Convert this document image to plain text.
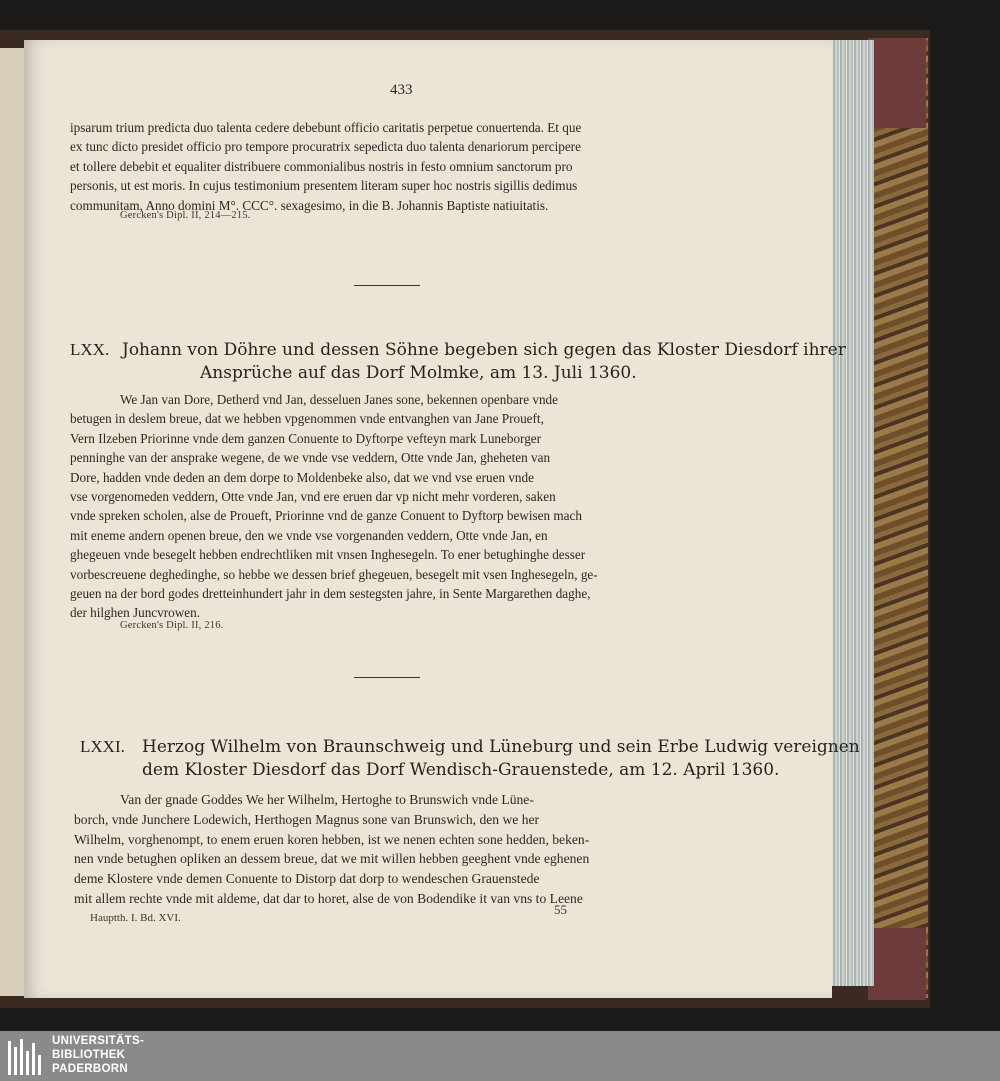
433
ipsarum trium predicta duo talenta cedere debebunt officio caritatis perpetue conuertenda. Et que
ex tunc dicto presidet officio pro tempore procuratrix sepedicta duo talenta denariorum percipere
et tollere debebit et equaliter distribuere commonialibus nostris in festo omnium sanctorum pro
personis, ut est moris. In cujus testimonium presentem literam super hoc nostris sigillis dedimus
communitam, Anno domini M°. CCC°. sexagesimo, in die B. Johannis Baptiste natiuitatis.
Gercken's Dipl. II, 214—215.
LXX. Johann von Döhre und dessen Söhne begeben sich gegen das Kloster Diesdorf ihrer
Ansprüche auf das Dorf Molmke, am 13. Juli 1360.
We Jan van Dore, Detherd vnd Jan, desseluen Janes sone, bekennen openbare vnde
betugen in deslem breue, dat we hebben vpgenommen vnde entvanghen van Jane Proueft,
Vern Ilzeben Priorinne vnde dem ganzen Conuente to Dyftorpe vefteyn mark Luneborger
penninghe van der ansprake wegene, de we vnde vse veddern, Otte vnde Jan, gheheten van
Dore, hadden vnde deden an dem dorpe to Moldenbeke also, dat we vnd vse eruen vnde
vse vorgenomeden veddern, Otte vnde Jan, vnd ere eruen dar vp nicht mehr vorderen, saken
vnde spreken scholen, alse de Proueft, Priorinne vnd de ganze Conuent to Dyftorp bewisen mach
mit eneme andern openen breue, den we vnde vse vorgenanden veddern, Otte vnde Jan, en
ghegeuen vnde besegelt hebben endrechtliken mit vnsen Inghesegeln. To ener betughinghe desser
vorbescreuene deghedinghe, so hebbe we dessen brief ghegeuen, besegelt mit vsen Inghesegeln, ge-
geuen na der bord godes dretteinhundert jahr in dem sestegsten jahre, in Sente Margarethen daghe,
der hilghen Juncvrowen.
Gercken's Dipl. II, 216.
LXXI. Herzog Wilhelm von Braunschweig und Lüneburg und sein Erbe Ludwig vereignen
dem Kloster Diesdorf das Dorf Wendisch-Grauenstede, am 12. April 1360.
Van der gnade Goddes We her Wilhelm, Hertoghe to Brunswich vnde Lüne-
borch, vnde Junchere Lodewich, Herthogen Magnus sone van Brunswich, den we her
Wilhelm, vorghenompt, to enem eruen koren hebben, ist we nenen echten sone hedden, beken-
nen vnde betughen opliken an dessem breue, dat we mit willen hebben geeghent vnde eghenen
deme Klostere vnde demen Conuente to Distorp dat dorp to wendeschen Grauenstede
mit allem rechte vnde mit aldeme, dat dar to horet, alse de von Bodendike it van vns to Leene
Hauptth. I. Bd. XVI.
55
UNIVERSITÄTS-
BIBLIOTHEK
PADERBORN
